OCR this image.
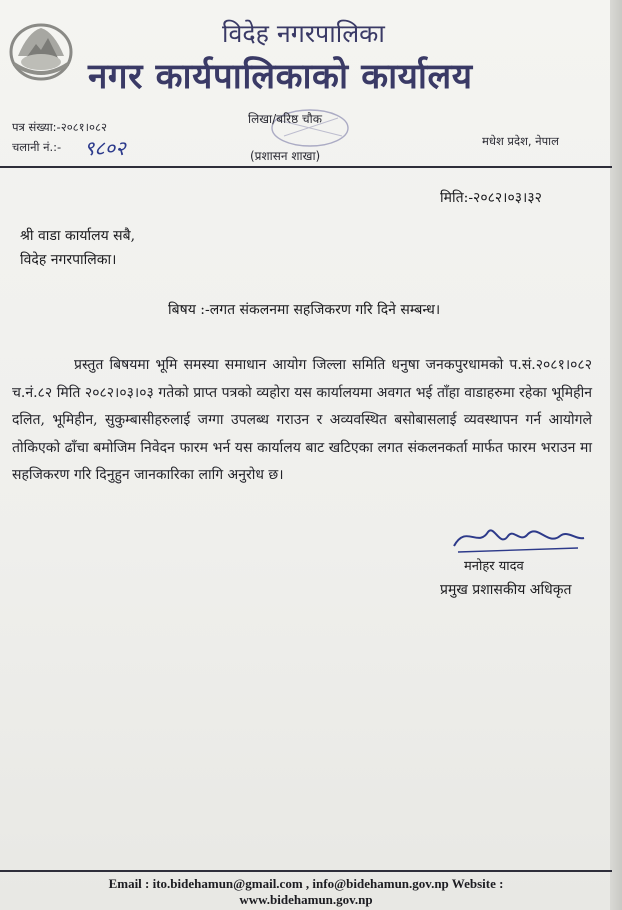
विदेह नगरपालिका
नगर कार्यपालिकाको कार्यालय
पत्र संख्या:-२०८१।०८२
चलानी नं.:- ९८०२
लिखा/बरिष्ठ चौक
(प्रशासन शाखा)
मधेश प्रदेश, नेपाल
मिति:-२०८२।०३।३२
श्री वाडा कार्यालय सबै,
विदेह नगरपालिका।
बिषय :-लगत संकलनमा सहजिकरण गरि दिने सम्बन्ध।
प्रस्तुत बिषयमा भूमि समस्या समाधान आयोग जिल्ला समिति धनुषा जनकपुरधामको प.सं.२०८१।०८२ च.नं.८२ मिति २०८२।०३।०३ गतेको प्राप्त पत्रको व्यहोरा यस कार्यालयमा अवगत भई ताँहा वाडाहरुमा रहेका भूमिहीन दलित, भूमिहीन, सुकुम्बासीहरुलाई जग्गा उपलब्ध गराउन र अव्यवस्थित बसोबासलाई व्यवस्थापन गर्न आयोगले तोकिएको ढाँचा बमोजिम निवेदन फारम भर्न यस कार्यालय बाट खटिएका लगत संकलनकर्ता मार्फत फारम भराउन मा सहजिकरण गरि दिनुहुन जानकारिका लागि अनुरोध छ।
मनोहर यादव
प्रमुख प्रशासकीय अधिकृत
Email : ito.bidehamun@gmail.com , info@bidehamun.gov.np Website :
www.bidehamun.gov.np
